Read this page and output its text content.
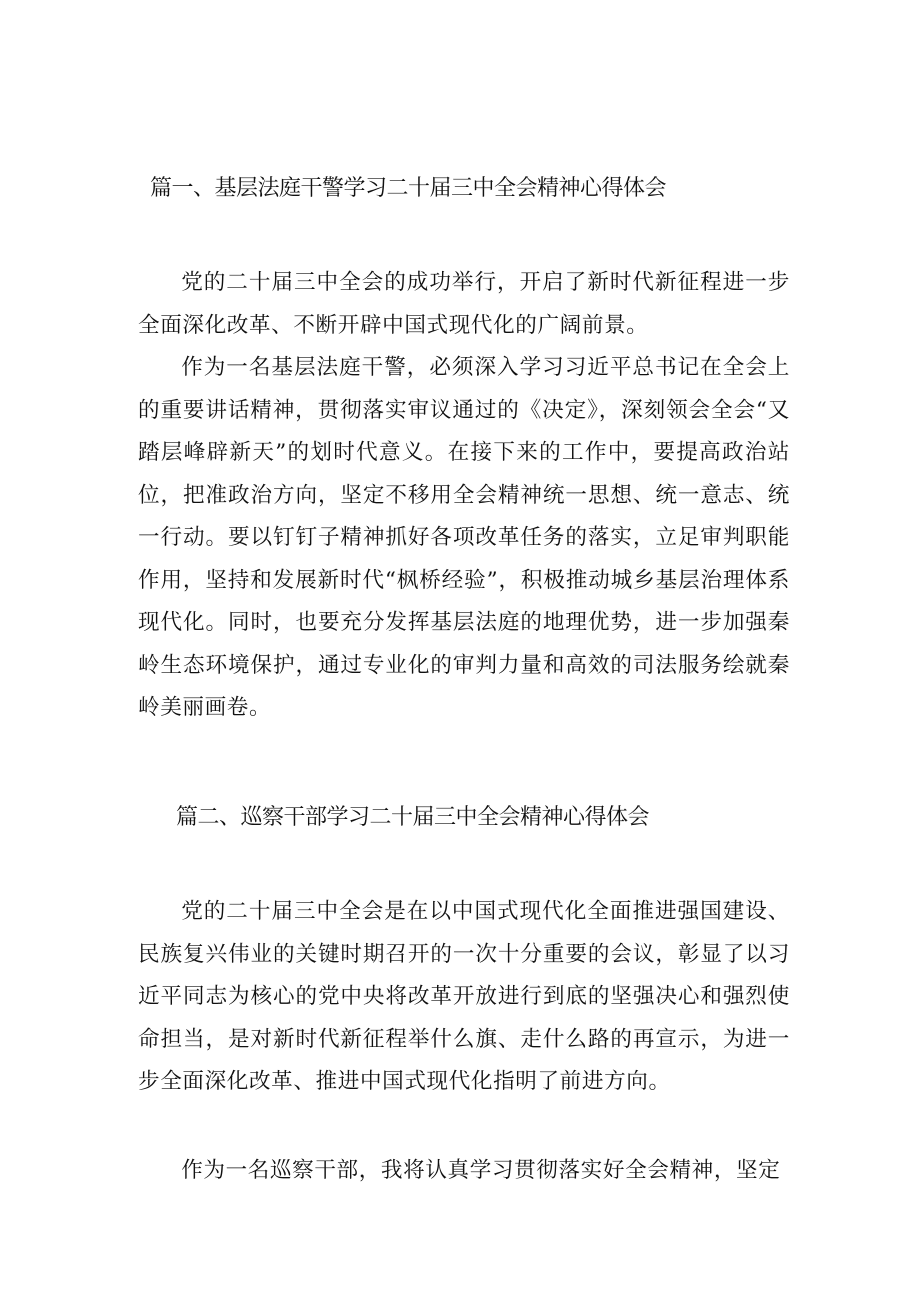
篇一、基层法庭干警学习二十届三中全会精神心得体会

党的二十届三中全会的成功举行，开启了新时代新征程进一步全面深化改革、不断开辟中国式现代化的广阔前景。

作为一名基层法庭干警，必须深入学习习近平总书记在全会上的重要讲话精神，贯彻落实审议通过的《决定》，深刻领会全会“又踏层峰辟新天”的划时代意义。在接下来的工作中，要提高政治站位，把准政治方向，坚定不移用全会精神统一思想、统一意志、统一行动。要以钉钉子精神抓好各项改革任务的落实，立足审判职能作用，坚持和发展新时代“枫桥经验”，积极推动城乡基层治理体系现代化。同时，也要充分发挥基层法庭的地理优势，进一步加强秦岭生态环境保护，通过专业化的审判力量和高效的司法服务绘就秦岭美丽画卷。

篇二、巡察干部学习二十届三中全会精神心得体会

党的二十届三中全会是在以中国式现代化全面推进强国建设、民族复兴伟业的关键时期召开的一次十分重要的会议，彰显了以习近平同志为核心的党中央将改革开放进行到底的坚强决心和强烈使命担当，是对新时代新征程举什么旗、走什么路的再宣示，为进一步全面深化改革、推进中国式现代化指明了前进方向。

作为一名巡察干部，我将认真学习贯彻落实好全会精神，坚定
